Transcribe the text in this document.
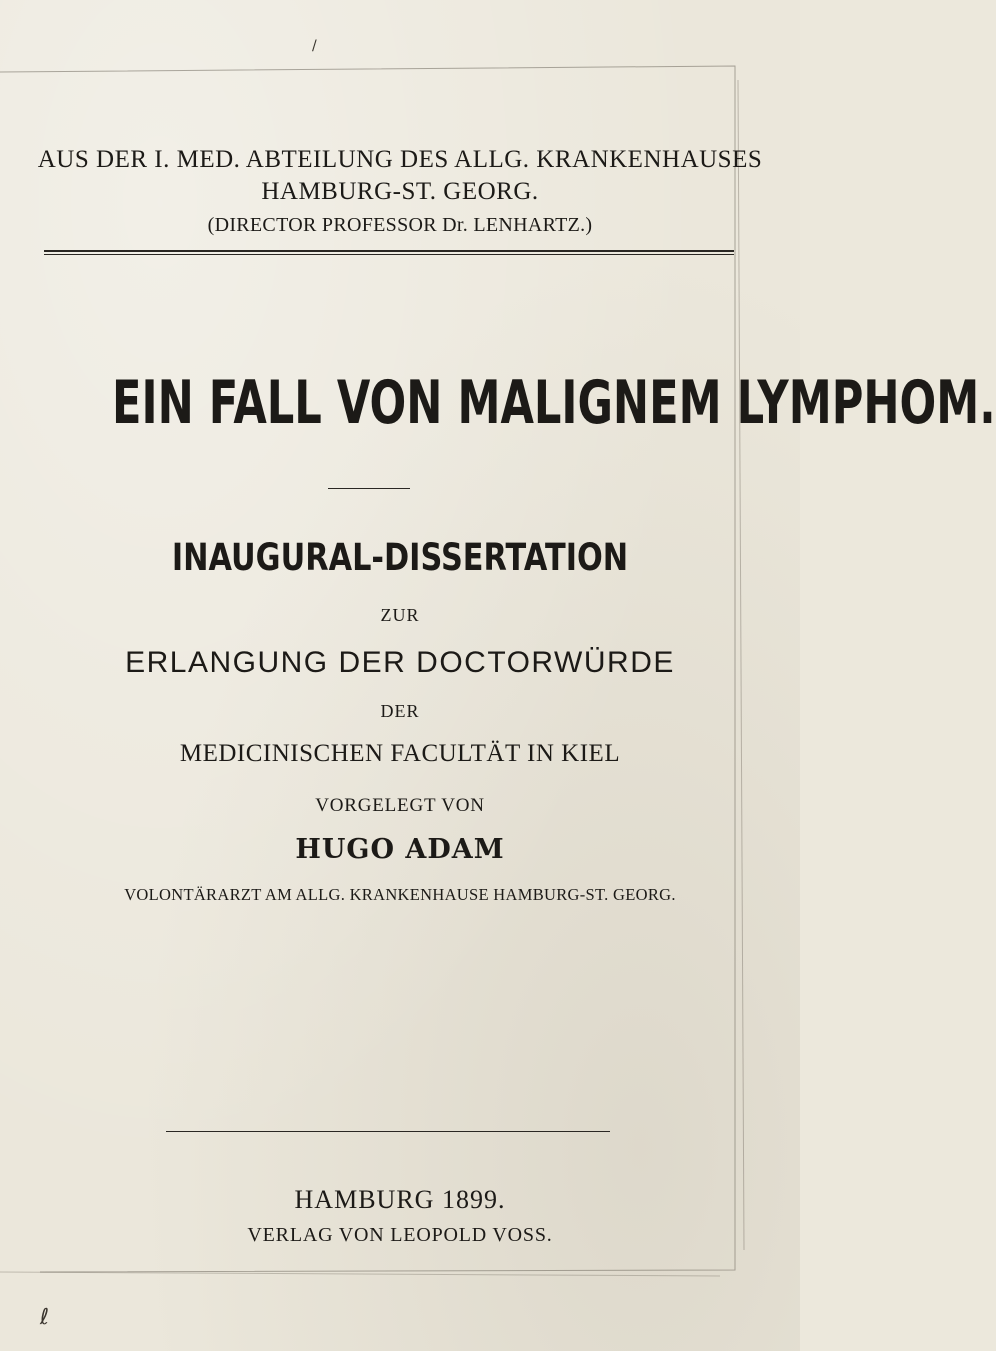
/
ℓ
AUS DER I. MED. ABTEILUNG DES ALLG. KRANKENHAUSES
HAMBURG-ST. GEORG.
(DIRECTOR PROFESSOR Dr. LENHARTZ.)
EIN FALL VON MALIGNEM LYMPHOM.
INAUGURAL-DISSERTATION
ZUR
ERLANGUNG DER DOCTORWÜRDE
DER
MEDICINISCHEN FACULTÄT IN KIEL
VORGELEGT VON
HUGO ADAM
VOLONTÄRARZT AM ALLG. KRANKENHAUSE HAMBURG-ST. GEORG.
HAMBURG 1899.
VERLAG VON LEOPOLD VOSS.
